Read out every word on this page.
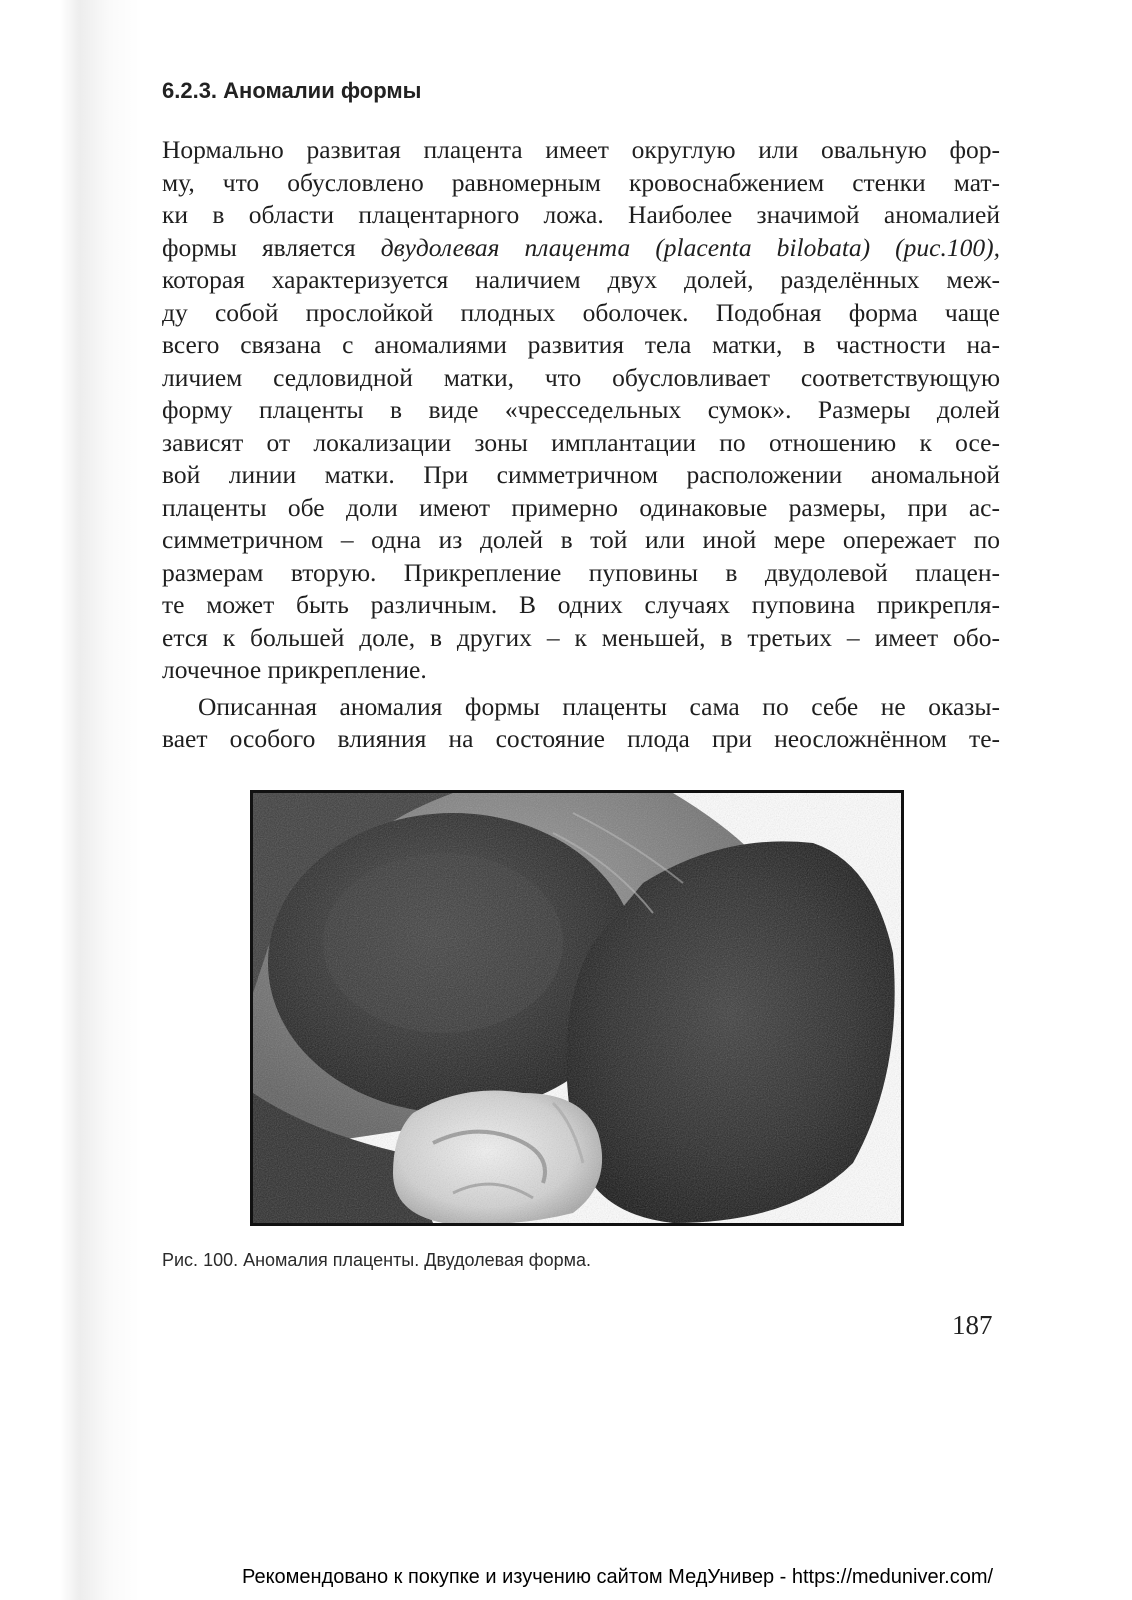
6.2.3. Аномалии формы
Нормально развитая плацента имеет округлую или овальную фор-
му, что обусловлено равномерным кровоснабжением стенки мат-
ки в области плацентарного ложа. Наиболее значимой аномалией
формы является двудолевая плацента (placenta bilobata) (рис.100),
которая характеризуется наличием двух долей, разделённых меж-
ду собой прослойкой плодных оболочек. Подобная форма чаще
всего связана с аномалиями развития тела матки, в частности на-
личием седловидной матки, что обусловливает соответствующую
форму плаценты в виде «чресседельных сумок». Размеры долей
зависят от локализации зоны имплантации по отношению к осе-
вой линии матки. При симметричном расположении аномальной
плаценты обе доли имеют примерно одинаковые размеры, при ас-
симметричном – одна из долей в той или иной мере опережает по
размерам вторую. Прикрепление пуповины в двудолевой плацен-
те может быть различным. В одних случаях пуповина прикрепля-
ется к большей доле, в других – к меньшей, в третьих – имеет обо-
лочечное прикрепление.
Описанная аномалия формы плаценты сама по себе не оказы-
вает особого влияния на состояние плода при неосложнённом те-
Рис. 100. Аномалия плаценты. Двудолевая форма.
187
Рекомендовано к покупке и изучению сайтом МедУнивер - https://meduniver.com/
